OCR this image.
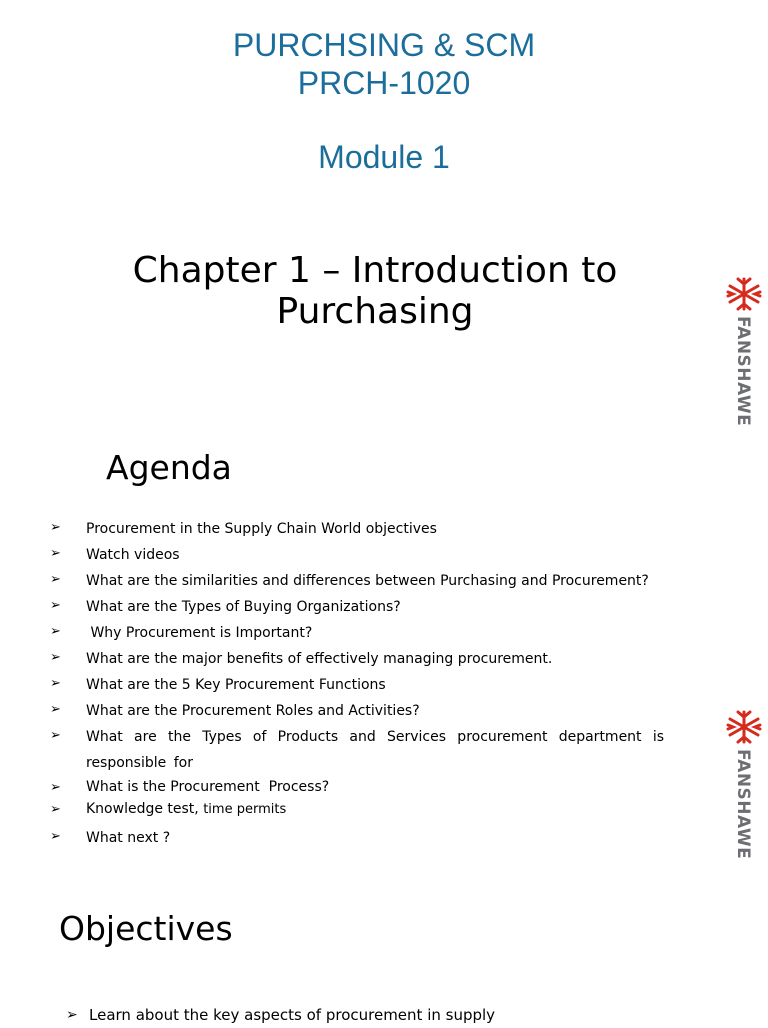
PURCHSING & SCM
PRCH-1020
Module 1
Chapter 1 – Introduction to Purchasing
FANSHAWE
FANSHAWE
Agenda
➢ Procurement in the Supply Chain World objectives
➢ Watch videos
➢ What are the similarities and differences between Purchasing and Procurement?
➢ What are the Types of Buying Organizations?
➢ Why Procurement is Important?
➢ What are the major benefits of effectively managing procurement.
➢ What are the 5 Key Procurement Functions
➢ What are the Procurement Roles and Activities?
➢ What are the Types of Products and Services procurement department is responsible for
➢ What is the Procurement  Process?
➢ Knowledge test, time permits
➢ What next ?
Objectives
➢ Learn about the key aspects of procurement in supply
